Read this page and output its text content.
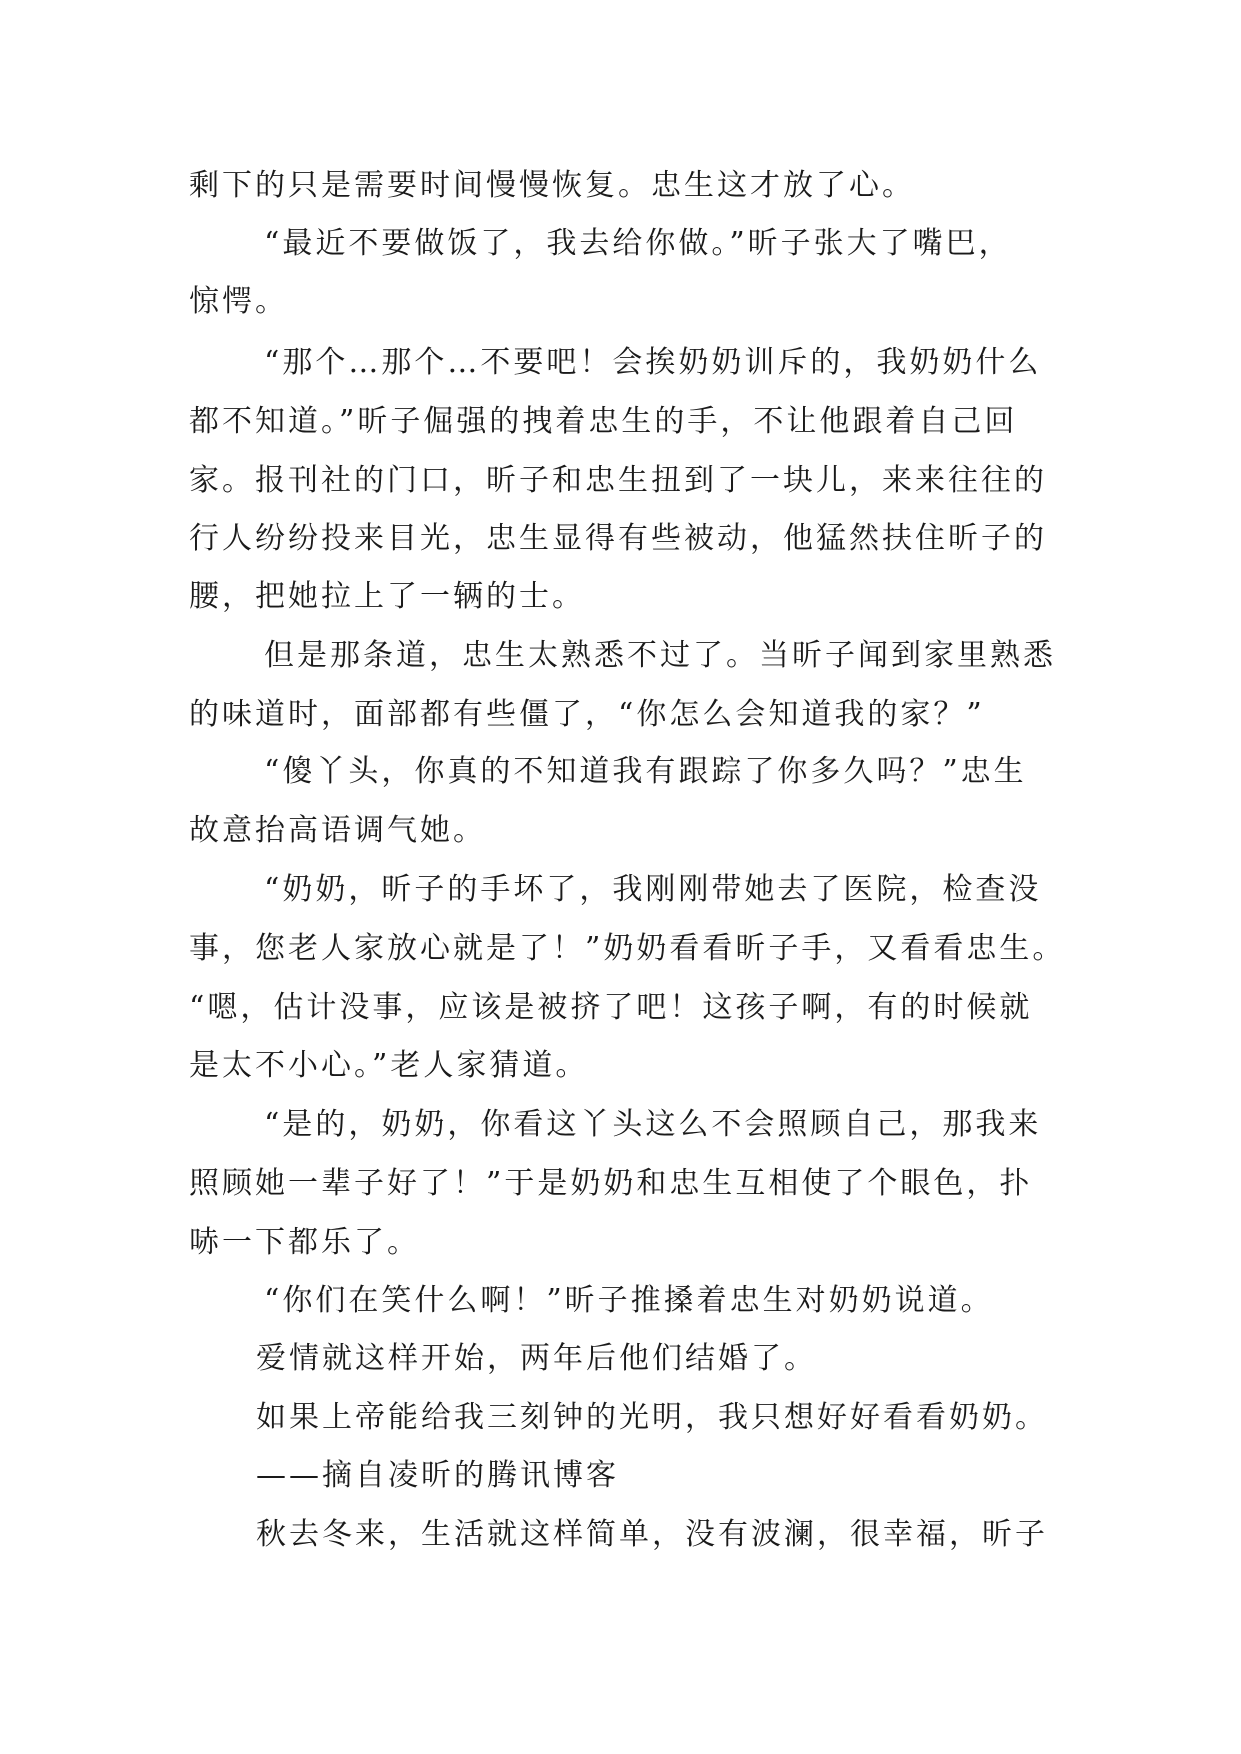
剩下的只是需要时间慢慢恢复。忠生这才放了心。

“最近不要做饭了，我去给你做。”昕子张大了嘴巴，

惊愕。

“那个…那个…不要吧！会挨奶奶训斥的，我奶奶什么

都不知道。”昕子倔强的拽着忠生的手，不让他跟着自己回

家。报刊社的门口，昕子和忠生扭到了一块儿，来来往往的

行人纷纷投来目光，忠生显得有些被动，他猛然扶住昕子的

腰，把她拉上了一辆的士。

但是那条道，忠生太熟悉不过了。当昕子闻到家里熟悉

的味道时，面部都有些僵了，“你怎么会知道我的家？”

“傻丫头，你真的不知道我有跟踪了你多久吗？”忠生

故意抬高语调气她。

“奶奶，昕子的手坏了，我刚刚带她去了医院，检查没

事，您老人家放心就是了！”奶奶看看昕子手，又看看忠生。

“嗯，估计没事，应该是被挤了吧！这孩子啊，有的时候就

是太不小心。”老人家猜道。

“是的，奶奶，你看这丫头这么不会照顾自己，那我来

照顾她一辈子好了！”于是奶奶和忠生互相使了个眼色，扑

哧一下都乐了。

“你们在笑什么啊！”昕子推搡着忠生对奶奶说道。

爱情就这样开始，两年后他们结婚了。

如果上帝能给我三刻钟的光明，我只想好好看看奶奶。

——摘自凌昕的腾讯博客

秋去冬来，生活就这样简单，没有波澜，很幸福，昕子
